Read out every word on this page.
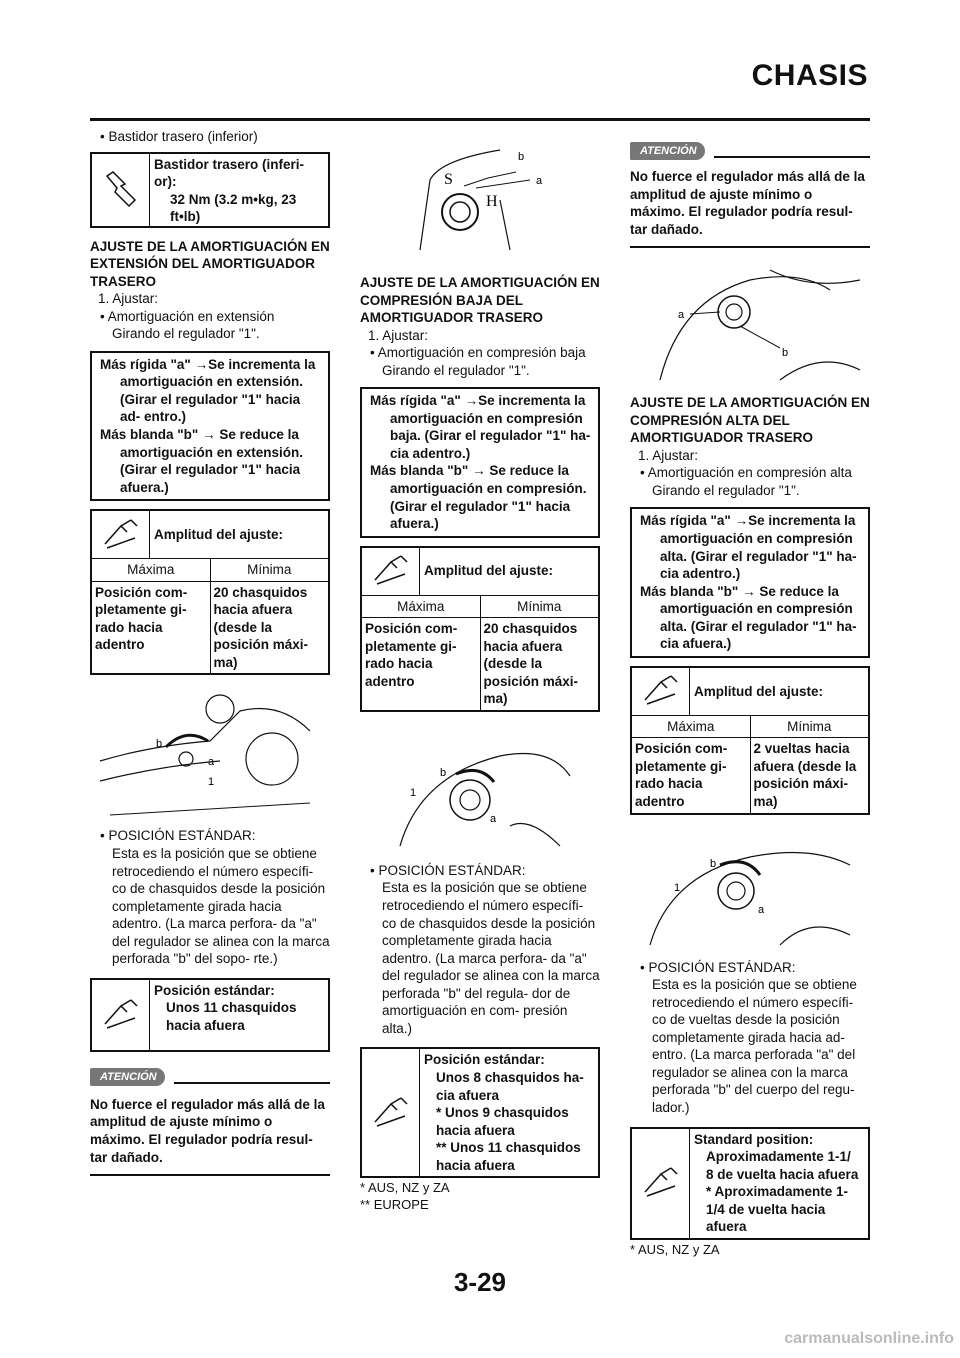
CHASIS
• Bastidor trasero (inferior)
Bastidor trasero (inferi-
or):
32 Nm (3.2 m•kg, 23
ft•lb)
AJUSTE DE LA AMORTIGUACIÓN EN EXTENSIÓN DEL AMORTIGUADOR TRASERO
1. Ajustar:
• Amortiguación en extensión
Girando el regulador "1".
Más rígida "a" →Se incrementa la amortiguación en extensión. (Girar el regulador "1" hacia ad- entro.)
Más blanda "b" → Se reduce la amortiguación en extensión. (Girar el regulador "1" hacia afuera.)
Amplitud del ajuste:
Máxima	Mínima
Posición com- pletamente gi- rado hacia adentro
20 chasquidos hacia afuera (desde la posición máxi- ma)
b
a
1
• POSICIÓN ESTÁNDAR:
Esta es la posición que se obtiene retrocediendo el número específi- co de chasquidos desde la posición completamente girada hacia adentro. (La marca perfora- da "a" del regulador se alinea con la marca perforada "b" del sopo- rte.)
Posición estándar:
Unos 11 chasquidos
hacia afuera
ATENCIÓN
No fuerce el regulador más allá de la amplitud de ajuste mínimo o máximo. El regulador podría resul- tar dañado.
S
H
b
a
AJUSTE DE LA AMORTIGUACIÓN EN COMPRESIÓN BAJA DEL AMORTIGUADOR TRASERO
1. Ajustar:
• Amortiguación en compresión baja
Girando el regulador "1".
Más rígida "a" →Se incrementa la amortiguación en compresión baja. (Girar el regulador "1" ha- cia adentro.)
Más blanda "b" → Se reduce la amortiguación en compresión. (Girar el regulador "1" hacia afuera.)
Amplitud del ajuste:
Máxima	Mínima
Posición com- pletamente gi- rado hacia adentro
20 chasquidos hacia afuera (desde la posición máxi- ma)
b
a
1
• POSICIÓN ESTÁNDAR:
Esta es la posición que se obtiene retrocediendo el número específi- co de chasquidos desde la posición completamente girada hacia adentro. (La marca perfora- da "a" del regulador se alinea con la marca perforada "b" del regula- dor de amortiguación en com- presión alta.)
Posición estándar:
Unos 8 chasquidos ha-
cia afuera
* Unos 9 chasquidos
hacia afuera
** Unos 11 chasquidos
hacia afuera
* AUS, NZ y ZA
** EUROPE
ATENCIÓN
No fuerce el regulador más allá de la amplitud de ajuste mínimo o máximo. El regulador podría resul- tar dañado.
a
b
AJUSTE DE LA AMORTIGUACIÓN EN COMPRESIÓN ALTA DEL AMORTIGUADOR TRASERO
1. Ajustar:
• Amortiguación en compresión alta
Girando el regulador "1".
Más rígida "a" →Se incrementa la amortiguación en compresión alta. (Girar el regulador "1" ha- cia adentro.)
Más blanda "b" → Se reduce la amortiguación en compresión alta. (Girar el regulador "1" ha- cia afuera.)
Amplitud del ajuste:
Máxima	Mínima
Posición com- pletamente gi- rado hacia adentro
2 vueltas hacia afuera (desde la posición máxi- ma)
b
a
1
• POSICIÓN ESTÁNDAR:
Esta es la posición que se obtiene retrocediendo el número específi- co de vueltas desde la posición completamente girada hacia ad- entro. (La marca perforada "a" del regulador se alinea con la marca perforada "b" del cuerpo del regu- lador.)
Standard position:
Aproximadamente 1-1/
8 de vuelta hacia afuera
* Aproximadamente 1-
1/4 de vuelta hacia afuera
* AUS, NZ y ZA
3-29
carmanualsonline.info
